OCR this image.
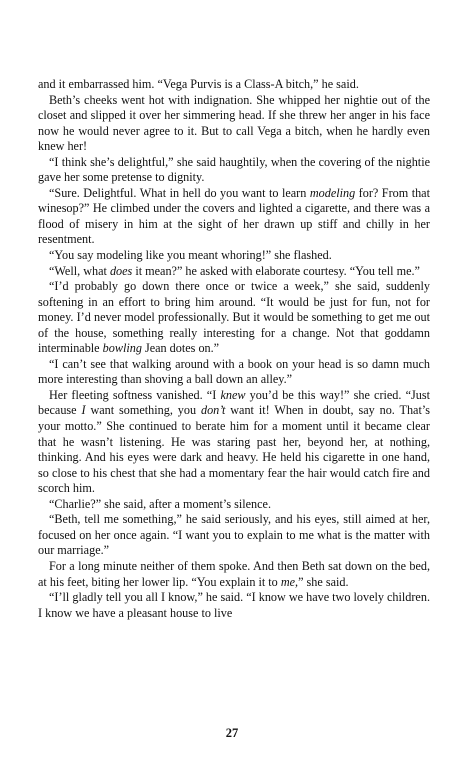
and it embarrassed him. “Vega Purvis is a Class-A bitch,” he said.

Beth’s cheeks went hot with indignation. She whipped her nightie out of the closet and slipped it over her simmering head. If she threw her anger in his face now he would never agree to it. But to call Vega a bitch, when he hardly even knew her!

“I think she’s delightful,” she said haughtily, when the covering of the nightie gave her some pretense to dignity.

“Sure. Delightful. What in hell do you want to learn modeling for? From that winesop?” He climbed under the covers and lighted a cigarette, and there was a flood of misery in him at the sight of her drawn up stiff and chilly in her resentment.

“You say modeling like you meant whoring!” she flashed.

“Well, what does it mean?” he asked with elaborate courtesy. “You tell me.”

“I’d probably go down there once or twice a week,” she said, suddenly softening in an effort to bring him around. “It would be just for fun, not for money. I’d never model professionally. But it would be something to get me out of the house, something really interesting for a change. Not that goddamn interminable bowling Jean dotes on.”

“I can’t see that walking around with a book on your head is so damn much more interesting than shoving a ball down an alley.”

Her fleeting softness vanished. “I knew you’d be this way!” she cried. “Just because I want something, you don’t want it! When in doubt, say no. That’s your motto.” She continued to berate him for a moment until it became clear that he wasn’t listening. He was staring past her, beyond her, at nothing, thinking. And his eyes were dark and heavy. He held his cigarette in one hand, so close to his chest that she had a momentary fear the hair would catch fire and scorch him.

“Charlie?” she said, after a moment’s silence.

“Beth, tell me something,” he said seriously, and his eyes, still aimed at her, focused on her once again. “I want you to explain to me what is the matter with our marriage.”

For a long minute neither of them spoke. And then Beth sat down on the bed, at his feet, biting her lower lip. “You explain it to me,” she said.

“I’ll gladly tell you all I know,” he said. “I know we have two lovely children. I know we have a pleasant house to live

27
